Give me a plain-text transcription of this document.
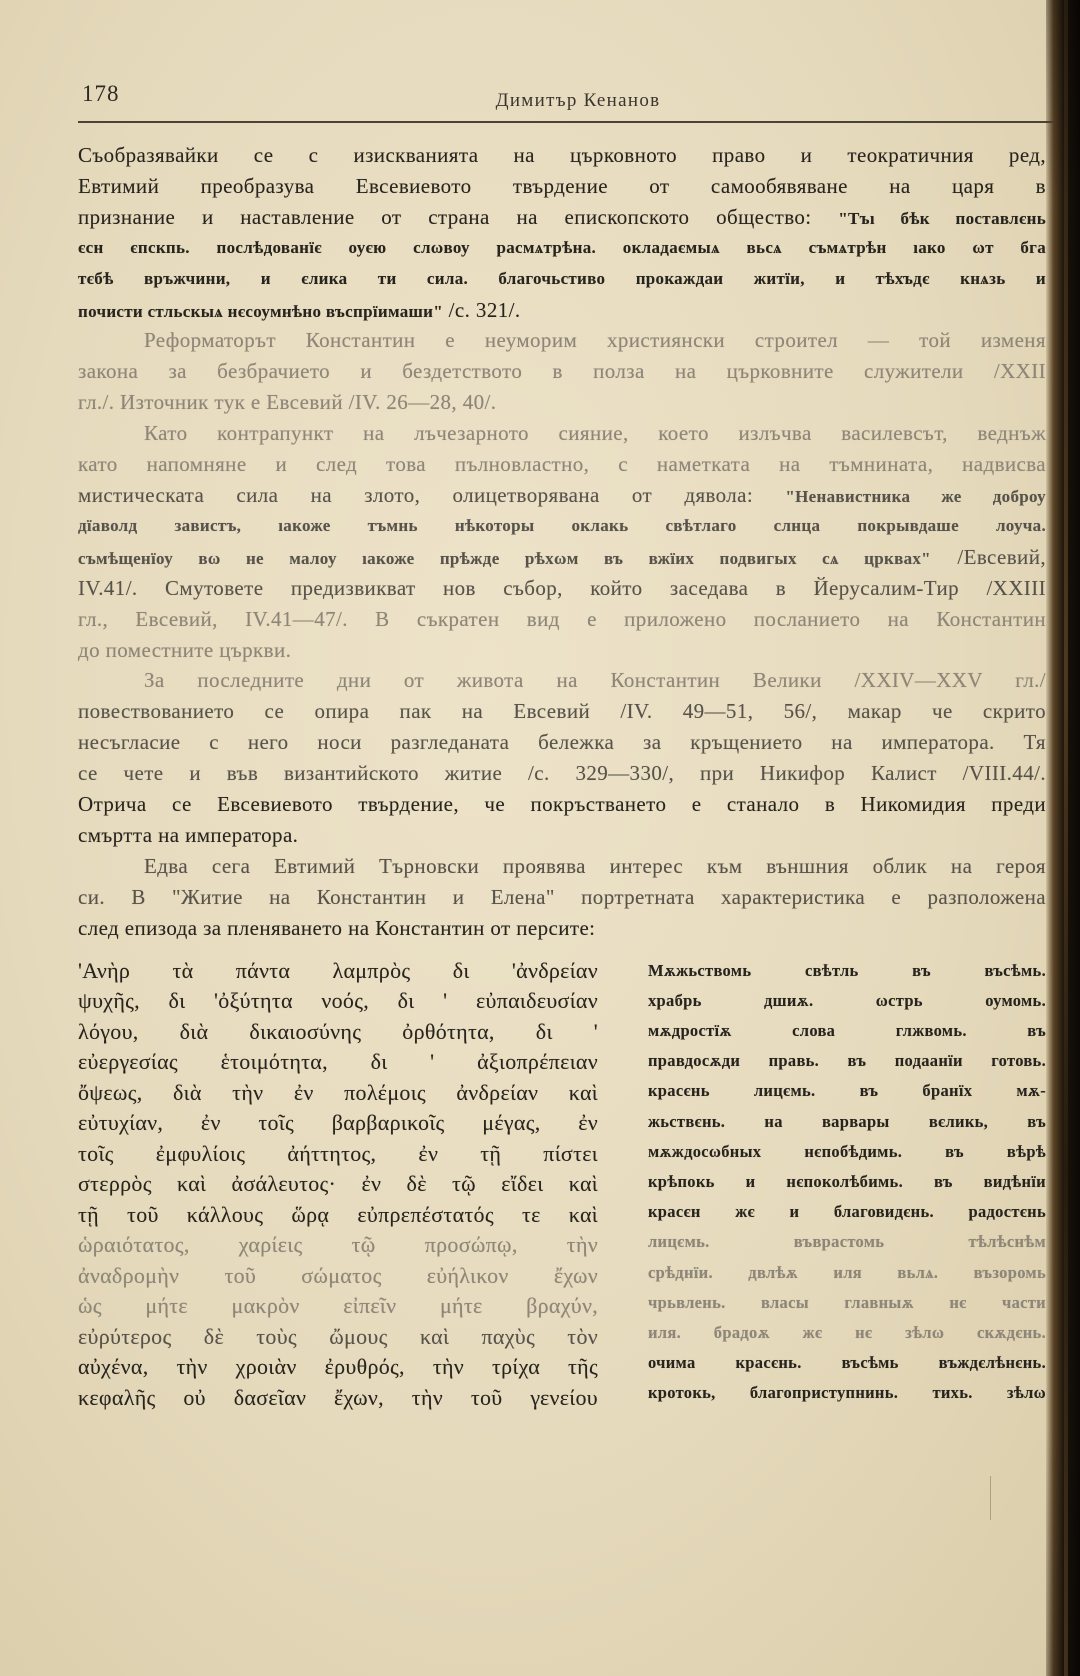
178	Димитър Кенанов
Съобразявайки се с изискванията на църковното право и теократичния ред,
Евтимий преобразува Евсевиевото твърдение от самообявяване на царя в
признание и наставление от страна на епископското общество: "Тъı бѣк поставлєнь
єсн єпскпь. послѣдованїє оуєю слωвоу расмѧтрѣна. окладаємыѧ вьсѧ съмѧтрѣн ıако ωт бга
тєбѣ връжчини, и єлика ти сила. благочьстиво прокаждаи житїи, и тѣхъдє кнѧзь и
почисти стльскыѧ нєсоумнѣно въспрїимаши" /с. 321/.
Реформаторът Константин е неуморим християнски строител — той изменя
закона за безбрачието и бездетството в полза на църковните служители /XXII
гл./. Източник тук е Евсевий /IV. 26—28, 40/.
Като контрапункт на лъчезарното сияние, което излъчва василевсът, веднъж
като напомняне и след това пълновластно, с наметката на тъмнината, надвисва
мистическата сила на злото, олицетворявана от дявола: "Ненавистника же доброу
дїаволд завистъ, ıакоже тъмнь нѣкоторы оклакь свѣтлаго слнца покрывдаше лоуча.
съмѣщенїоу вω не малоу ıакоже прѣжде рѣхωм въ вжїих подвигых сѧ црквах" /Евсевий,
IV.41/. Смутовете предизвикват нов събор, който заседава в Йерусалим-Тир /XXIII
гл., Евсевий, IV.41—47/. В съкратен вид е приложено посланието на Константин
до поместните църкви.
За последните дни от живота на Константин Велики /XXIV—XXV гл./
повествованието се опира пак на Евсевий /IV. 49—51, 56/, макар че скрито
несъгласие с него носи разгледаната бележка за кръщението на императора. Тя
се чете и във византийското житие /с. 329—330/, при Никифор Калист /VIII.44/.
Отрича се Евсевиевото твърдение, че покръстването е станало в Никомидия преди
смъртта на императора.
Едва сега Евтимий Търновски проявява интерес към външния облик на героя
си. В "Житие на Константин и Елена" портретната характеристика е разположена
след епизода за пленяването на Константин от персите:
'Ανὴρ τὰ πάντα λαμπρὸς δι 'ἀνδρείαν
ψυχῆς, δι 'ὀξύτητα νοός, δι ' εὐπαιδευσίαν
λόγου, διὰ δικαιοσύνης ὀρθότητα, δι '
εὐεργεσίας ἑτοιμότητα, δι ' ἀξιοπρέπειαν
ὄψεως, διὰ τὴν ἐν πολέμοις ἀνδρείαν καὶ
εὐτυχίαν, ἐν τοῖς βαρβαρικοῖς μέγας, ἐν
τοῖς ἐμφυλίοις ἀήττητος, ἐν τῇ πίστει
στερρὸς καὶ ἀσάλευτος· ἐν δὲ τῷ εἴδει καὶ
τῇ τοῦ κάλλους ὥρᾳ εὐπρεπέστατός τε καὶ
ὡραιότατος, χαρίεις τῷ προσώπῳ, τὴν
ἀναδρομὴν τοῦ σώματος εὐήλικον ἔχων
ὡς μήτε μακρὸν εἰπεῖν μήτε βραχύν,
εὐρύτερος δὲ τοὺς ὤμους καὶ παχὺς τὸν
αὐχένα, τὴν χροιὰν ἐρυθρός, τὴν τρίχα τῆς
κεφαλῆς οὐ δασεῖαν ἔχων, τὴν τοῦ γενείου
Мѫжьствомь свѣтль въ въсѣмь.
храбрь дшиѫ. ωстрь оумомь.
мѫдростїѫ слова глжвомь. въ
правдосѫди правь. въ подаанїи готовь.
красєнь лицємь. въ бранїх мѫ-
жьствєнь. на варвары вєликь, въ
мѫждосωбных нєпобѣдимь. въ вѣрѣ
крѣпокь и нєпоколѣбимь. въ видѣнїи
красєн жє и благовидєнь. радостєнь
лицємь. въврастомь тѣлѣснѣм
срѣднїи. двлѣѫ иля вьлѧ. възоромь
чрьвлень. власы главныѫ нє части
иля. брадоѫ жє нє зѣлω скѫдєнь.
очима красєнь. въсѣмь въждєлѣнєнь.
кротокь, благоприступнинь. тихь. зѣлω
